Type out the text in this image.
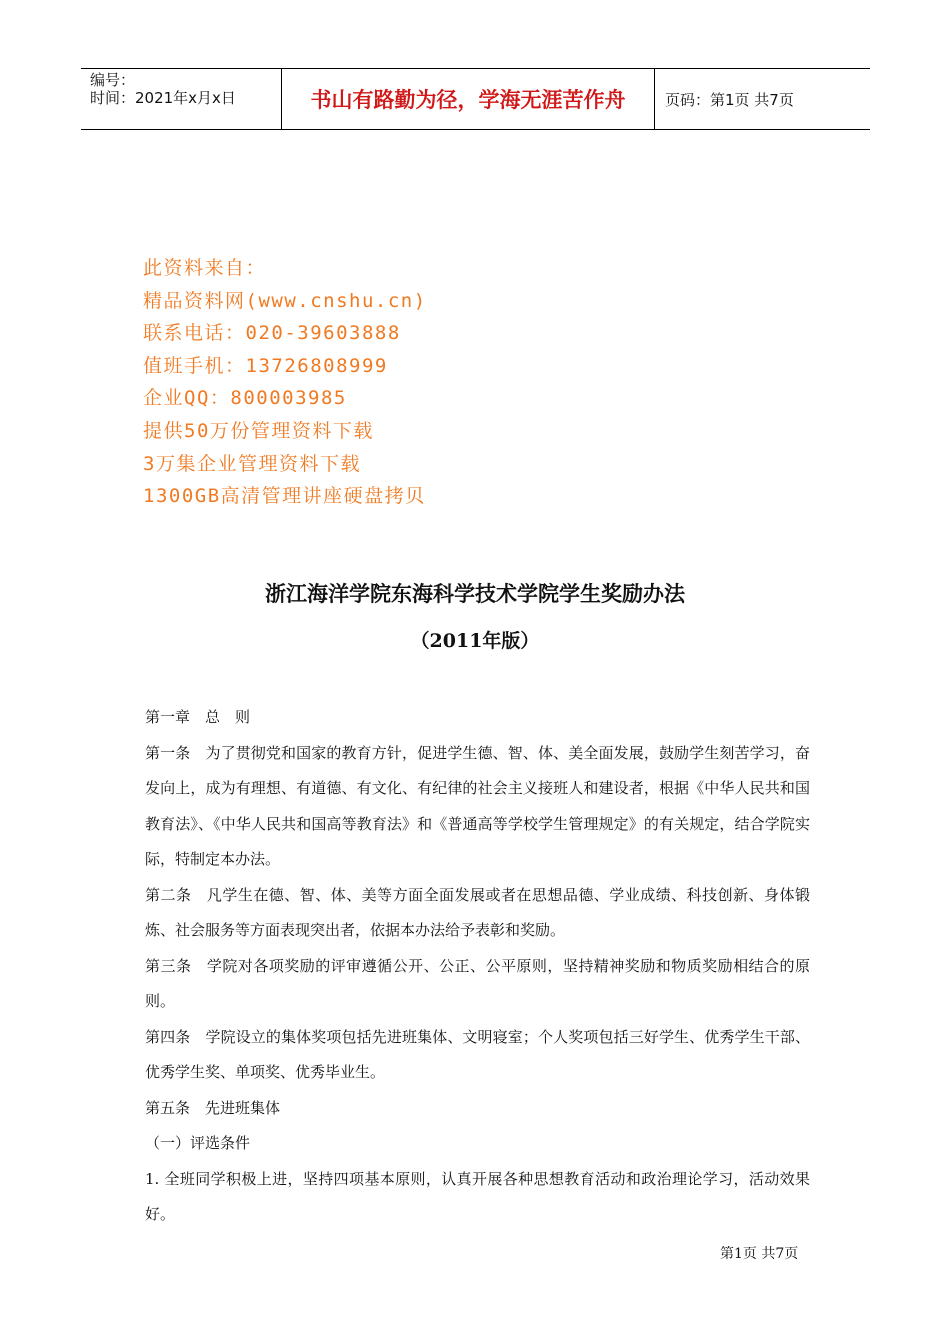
编号：
时间：2021年x月x日	书山有路勤为径，学海无涯苦作舟	页码：第1页 共7页
此资料来自：
精品资料网(www.cnshu.cn)
联系电话：020-39603888
值班手机：13726808999
企业QQ：800003985
提供50万份管理资料下载
3万集企业管理资料下载
1300GB高清管理讲座硬盘拷贝
浙江海洋学院东海科学技术学院学生奖励办法
（2011年版）

第一章　总　则

第一条　为了贯彻党和国家的教育方针，促进学生德、智、体、美全面发展，鼓励学生刻苦学习，奋发向上，成为有理想、有道德、有文化、有纪律的社会主义接班人和建设者，根据《中华人民共和国教育法》、《中华人民共和国高等教育法》和《普通高等学校学生管理规定》的有关规定，结合学院实际，特制定本办法。

第二条　凡学生在德、智、体、美等方面全面发展或者在思想品德、学业成绩、科技创新、身体锻炼、社会服务等方面表现突出者，依据本办法给予表彰和奖励。

第三条　学院对各项奖励的评审遵循公开、公正、公平原则，坚持精神奖励和物质奖励相结合的原则。

第四条　学院设立的集体奖项包括先进班集体、文明寝室；个人奖项包括三好学生、优秀学生干部、优秀学生奖、单项奖、优秀毕业生。

第五条　先进班集体

（一）评选条件

1. 全班同学积极上进，坚持四项基本原则，认真开展各种思想教育活动和政治理论学习，活动效果好。

第1页 共7页
